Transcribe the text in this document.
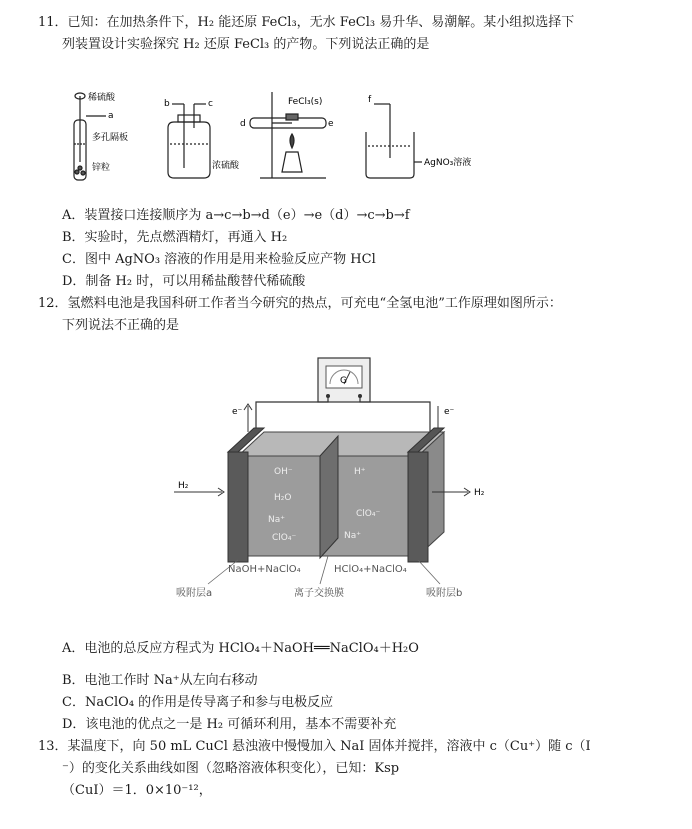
11．已知：在加热条件下，H₂ 能还原 FeCl₃，无水 FeCl₃ 易升华、易潮解。某小组拟选择下
列装置设计实验探究 H₂ 还原 FeCl₃ 的产物。下列说法正确的是
稀硫酸
a
多孔隔板
锌粒
b	c
浓硫酸
FeCl₃(s)
d	e
f
AgNO₃溶液
A．装置接口连接顺序为 a→c→b→d（e）→e（d）→c→b→f
B．实验时，先点燃酒精灯，再通入 H₂
C．图中 AgNO₃ 溶液的作用是用来检验反应产物 HCl
D．制备 H₂ 时，可以用稀盐酸替代稀硫酸
12．氢燃料电池是我国科研工作者当今研究的热点，可充电“全氢电池”工作原理如图所示：
下列说法不正确的是
G
e⁻	e⁻
H₂
H₂
OH⁻
H₂O
Na⁺
ClO₄⁻
H⁺
ClO₄⁻
Na⁺
NaOH+NaClO₄	HClO₄+NaClO₄
吸附层a	离子交换膜	吸附层b
A．电池的总反应方程式为 HClO₄＋NaOH══NaClO₄＋H₂O
B．电池工作时 Na⁺从左向右移动
C．NaClO₄ 的作用是传导离子和参与电极反应
D．该电池的优点之一是 H₂ 可循环利用，基本不需要补充
13．某温度下，向 50 mL CuCl 悬浊液中慢慢加入 NaI 固体并搅拌，溶液中 c（Cu⁺）随 c（I
⁻）的变化关系曲线如图（忽略溶液体积变化），已知：Ksp
（CuI）＝1．0×10⁻¹²，
